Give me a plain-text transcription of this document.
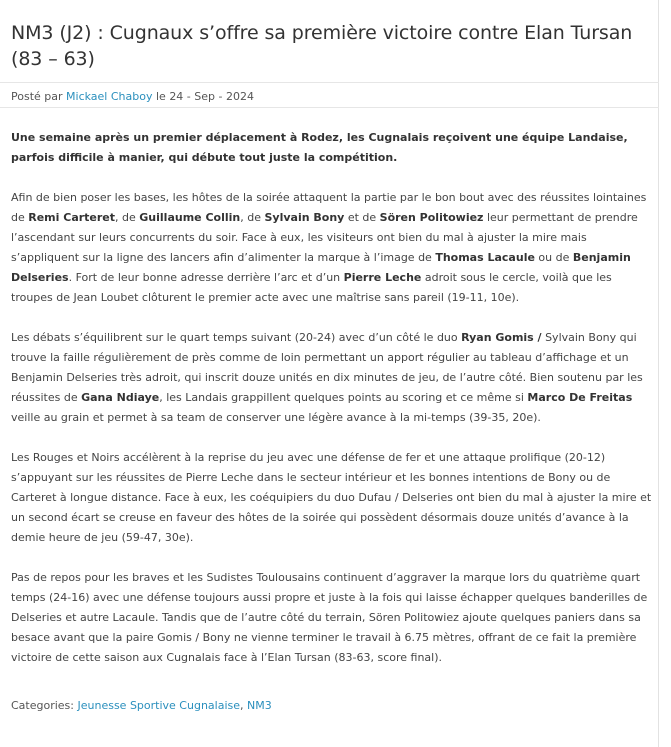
NM3 (J2) : Cugnaux s’offre sa première victoire contre Elan Tursan (83 – 63)
Posté par Mickael Chaboy le 24 - Sep - 2024

Une semaine après un premier déplacement à Rodez, les Cugnalais reçoivent une équipe Landaise, parfois difficile à manier, qui débute tout juste la compétition.

Afin de bien poser les bases, les hôtes de la soirée attaquent la partie par le bon bout avec des réussites lointaines de Remi Carteret, de Guillaume Collin, de Sylvain Bony et de Sören Politowiez leur permettant de prendre l’ascendant sur leurs concurrents du soir. Face à eux, les visiteurs ont bien du mal à ajuster la mire mais s’appliquent sur la ligne des lancers afin d’alimenter la marque à l’image de Thomas Lacaule ou de Benjamin Delseries. Fort de leur bonne adresse derrière l’arc et d’un Pierre Leche adroit sous le cercle, voilà que les troupes de Jean Loubet clôturent le premier acte avec une maîtrise sans pareil (19-11, 10e).

Les débats s’équilibrent sur le quart temps suivant (20-24) avec d’un côté le duo Ryan Gomis / Sylvain Bony qui trouve la faille régulièrement de près comme de loin permettant un apport régulier au tableau d’affichage et un Benjamin Delseries très adroit, qui inscrit douze unités en dix minutes de jeu, de l’autre côté. Bien soutenu par les réussites de Gana Ndiaye, les Landais grappillent quelques points au scoring et ce même si Marco De Freitas veille au grain et permet à sa team de conserver une légère avance à la mi-temps (39-35, 20e).

Les Rouges et Noirs accélèrent à la reprise du jeu avec une défense de fer et une attaque prolifique (20-12) s’appuyant sur les réussites de Pierre Leche dans le secteur intérieur et les bonnes intentions de Bony ou de Carteret à longue distance. Face à eux, les coéquipiers du duo Dufau / Delseries ont bien du mal à ajuster la mire et un second écart se creuse en faveur des hôtes de la soirée qui possèdent désormais douze unités d’avance à la demie heure de jeu (59-47, 30e).

Pas de repos pour les braves et les Sudistes Toulousains continuent d’aggraver la marque lors du quatrième quart temps (24-16) avec une défense toujours aussi propre et juste à la fois qui laisse échapper quelques banderilles de Delseries et autre Lacaule. Tandis que de l’autre côté du terrain, Sören Politowiez ajoute quelques paniers dans sa besace avant que la paire Gomis / Bony ne vienne terminer le travail à 6.75 mètres, offrant de ce fait la première victoire de cette saison aux Cugnalais face à l’Elan Tursan (83-63, score final).

Categories: Jeunesse Sportive Cugnalaise, NM3
